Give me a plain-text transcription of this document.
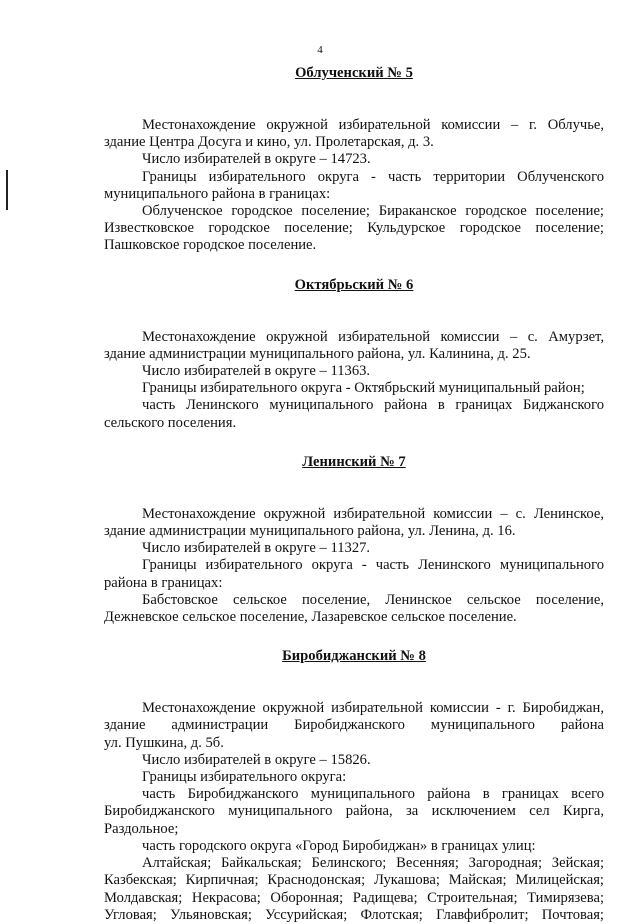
4
Облученский № 5

Местонахождение окружной избирательной комиссии – г. Облучье,

здание Центра Досуга и кино, ул. Пролетарская, д. 3.

Число избирателей в округе – 14723.

Границы избирательного округа - часть территории Облученского

муниципального района в границах:

Облученское городское поселение; Бираканское городское поселение;

Известковское городское поселение; Кульдурское городское поселение;

Пашковское городское поселение.

Октябрьский № 6

Местонахождение окружной избирательной комиссии – с. Амурзет,

здание администрации муниципального района, ул. Калинина, д. 25.

Число избирателей в округе – 11363.

Границы избирательного округа - Октябрьский муниципальный район;

часть Ленинского муниципального района в границах Биджанского

сельского поселения.

Ленинский № 7

Местонахождение окружной избирательной комиссии – с. Ленинское,

здание администрации муниципального района, ул. Ленина, д. 16.

Число избирателей в округе – 11327.

Границы избирательного округа - часть Ленинского муниципального

района в границах:

Бабстовское сельское поселение, Ленинское сельское поселение,

Дежневское сельское поселение, Лазаревское сельское поселение.

Биробиджанский № 8

Местонахождение окружной избирательной комиссии - г. Биробиджан,

здание администрации Биробиджанского муниципального района

ул. Пушкина, д. 5б.

Число избирателей в округе – 15826.

Границы избирательного округа:

часть Биробиджанского муниципального района в границах всего

Биробиджанского муниципального района, за исключением сел Кирга,

Раздольное;

часть городского округа «Город Биробиджан» в границах улиц:

Алтайская; Байкальская; Белинского; Весенняя; Загородная; Зейская;

Казбекская; Кирпичная; Краснодонская; Лукашова; Майская; Милицейская;

Молдавская; Некрасова; Оборонная; Радищева; Строительная; Тимирязева;

Угловая; Ульяновская; Уссурийская; Флотская; Главфибролит; Почтовая;
